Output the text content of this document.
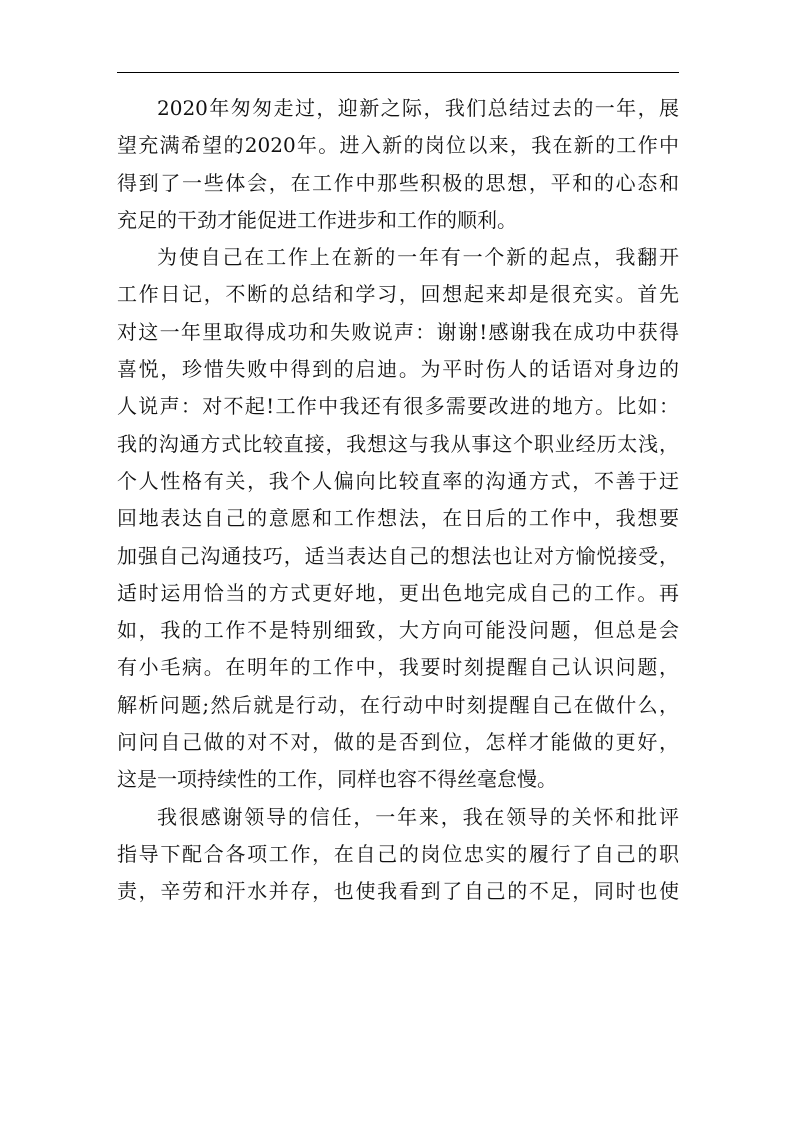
2020年匆匆走过，迎新之际，我们总结过去的一年，展
望充满希望的2020年。进入新的岗位以来，我在新的工作中
得到了一些体会，在工作中那些积极的思想，平和的心态和
充足的干劲才能促进工作进步和工作的顺利。
为使自己在工作上在新的一年有一个新的起点，我翻开
工作日记，不断的总结和学习，回想起来却是很充实。首先
对这一年里取得成功和失败说声：谢谢!感谢我在成功中获得
喜悦，珍惜失败中得到的启迪。为平时伤人的话语对身边的
人说声：对不起!工作中我还有很多需要改进的地方。比如：
我的沟通方式比较直接，我想这与我从事这个职业经历太浅，
个人性格有关，我个人偏向比较直率的沟通方式，不善于迂
回地表达自己的意愿和工作想法，在日后的工作中，我想要
加强自己沟通技巧，适当表达自己的想法也让对方愉悦接受，
适时运用恰当的方式更好地，更出色地完成自己的工作。再
如，我的工作不是特别细致，大方向可能没问题，但总是会
有小毛病。在明年的工作中，我要时刻提醒自己认识问题，
解析问题;然后就是行动，在行动中时刻提醒自己在做什么，
问问自己做的对不对，做的是否到位，怎样才能做的更好，
这是一项持续性的工作，同样也容不得丝毫怠慢。
我很感谢领导的信任，一年来，我在领导的关怀和批评
指导下配合各项工作，在自己的岗位忠实的履行了自己的职
责，辛劳和汗水并存，也使我看到了自己的不足，同时也使
